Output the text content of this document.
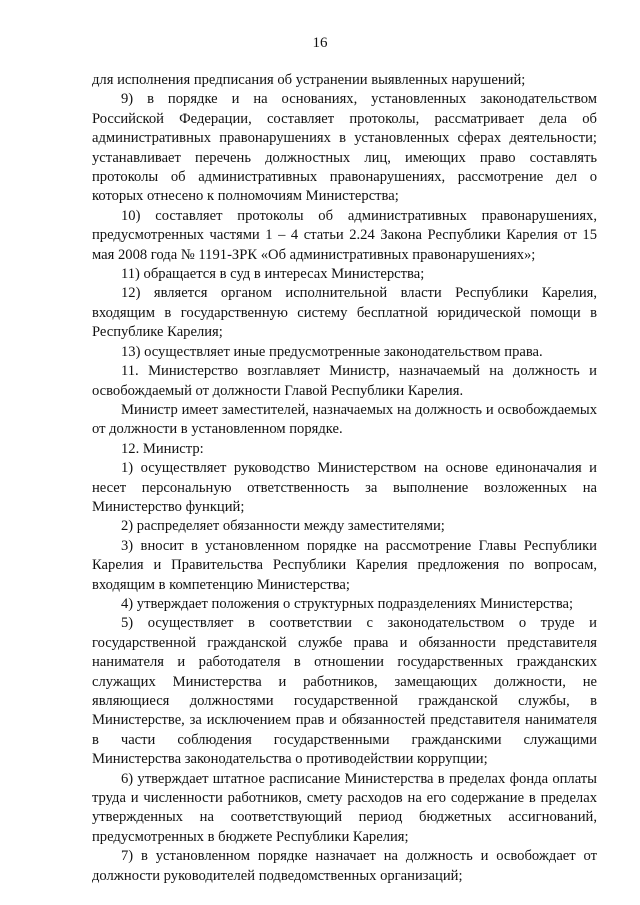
16

для исполнения предписания об устранении выявленных нарушений;

9) в порядке и на основаниях, установленных законодательством Российской Федерации, составляет протоколы, рассматривает дела об административных правонарушениях в установленных сферах деятельности; устанавливает перечень должностных лиц, имеющих право составлять протоколы об административных правонарушениях, рассмотрение дел о которых отнесено к полномочиям Министерства;

10) составляет протоколы об административных правонарушениях, предусмотренных частями 1 – 4 статьи 2.24 Закона Республики Карелия от 15 мая 2008 года № 1191-ЗРК «Об административных правонарушениях»;

11) обращается в суд в интересах Министерства;

12) является органом исполнительной власти Республики Карелия, входящим в государственную систему бесплатной юридической помощи в Республике Карелия;

13) осуществляет иные предусмотренные законодательством права.

11. Министерство возглавляет Министр, назначаемый на должность и освобождаемый от должности Главой Республики Карелия.

Министр имеет заместителей, назначаемых на должность и освобождаемых от должности в установленном порядке.

12. Министр:

1) осуществляет руководство Министерством на основе единоначалия и несет персональную ответственность за выполнение возложенных на Министерство функций;

2) распределяет обязанности между заместителями;

3) вносит в установленном порядке на рассмотрение Главы Республики Карелия и Правительства Республики Карелия предложения по вопросам, входящим в компетенцию Министерства;

4) утверждает положения о структурных подразделениях Министерства;

5) осуществляет в соответствии с законодательством о труде и государственной гражданской службе права и обязанности представителя нанимателя и работодателя в отношении государственных гражданских служащих Министерства и работников, замещающих должности, не являющиеся должностями государственной гражданской службы, в Министерстве, за исключением прав и обязанностей представителя нанимателя в части соблюдения государственными гражданскими служащими Министерства законодательства о противодействии коррупции;

6) утверждает штатное расписание Министерства в пределах фонда оплаты труда и численности работников, смету расходов на его содержание в пределах утвержденных на соответствующий период бюджетных ассигнований, предусмотренных в бюджете Республики Карелия;

7) в установленном порядке назначает на должность и освобождает от должности руководителей подведомственных организаций;
